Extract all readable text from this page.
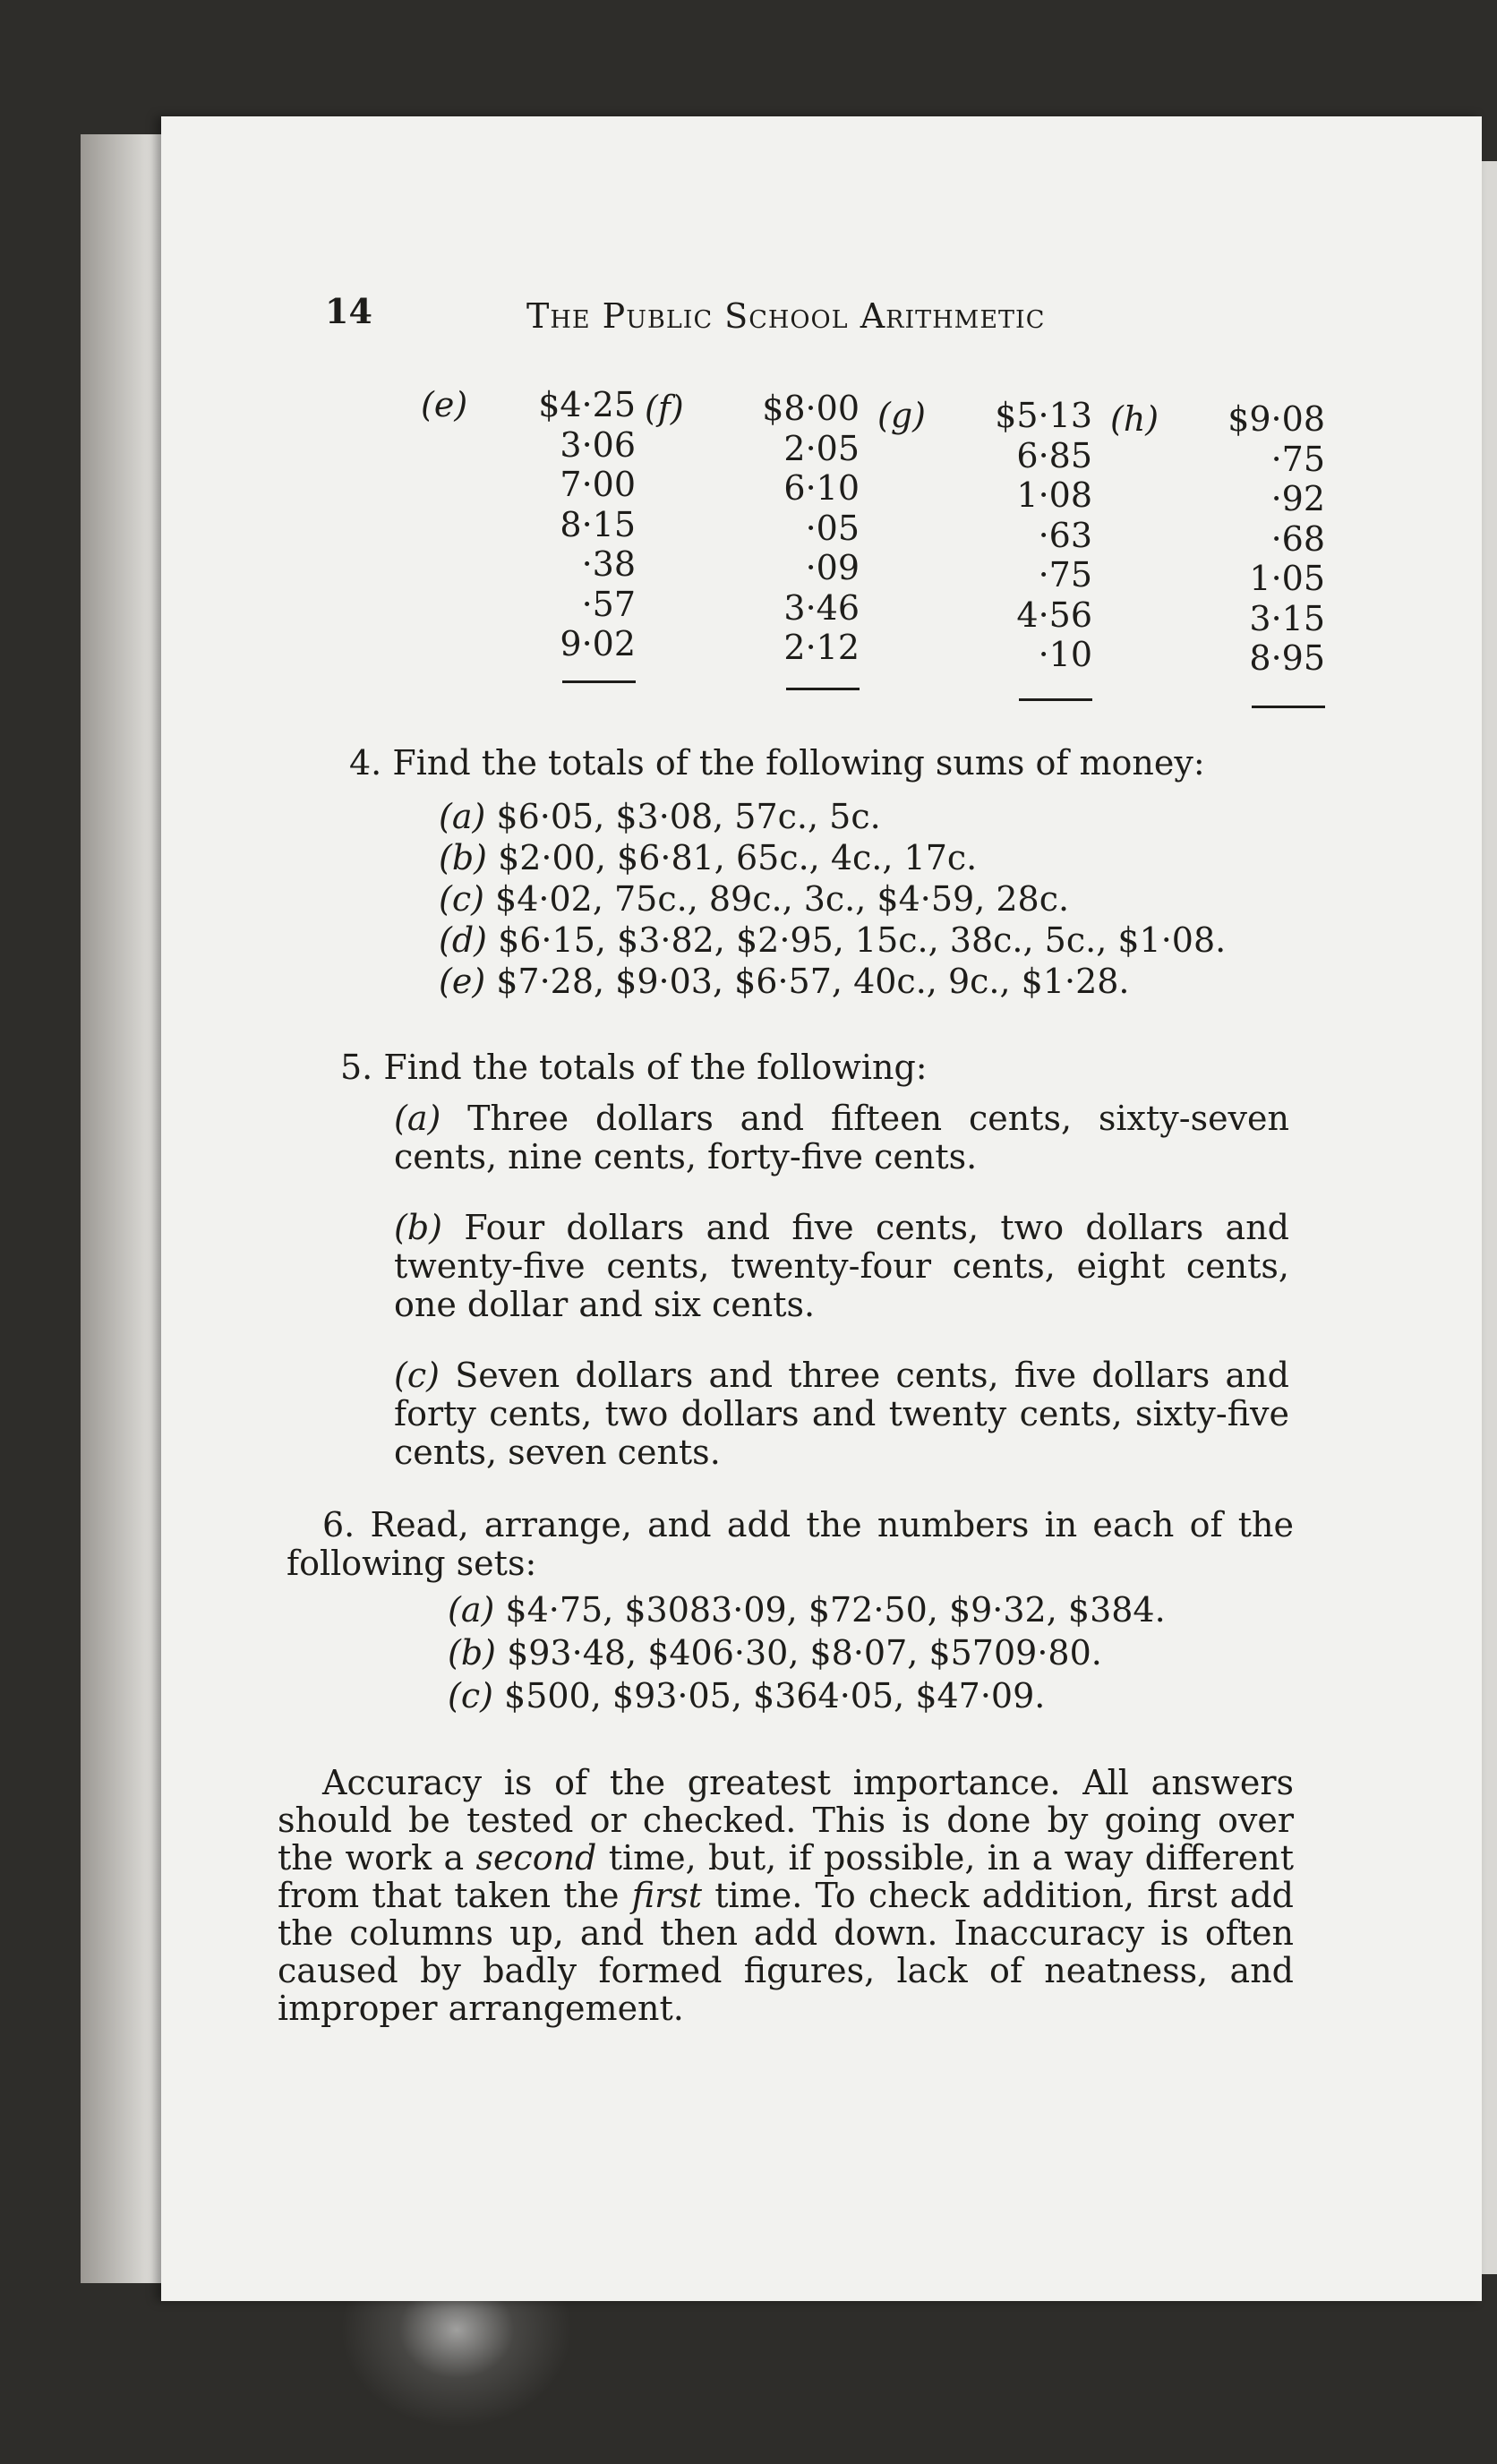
14	The Public School Arithmetic
(e) $4·25
3·06
7·00
8·15
·38
·57
9·02
(f) $8·00
2·05
6·10
·05
·09
3·46
2·12
(g) $5·13
6·85
1·08
·63
·75
4·56
·10
(h) $9·08
·75
·92
·68
1·05
3·15
8·95
4. Find the totals of the following sums of money:
(a) $6·05, $3·08, 57c., 5c.
(b) $2·00, $6·81, 65c., 4c., 17c.
(c) $4·02, 75c., 89c., 3c., $4·59, 28c.
(d) $6·15, $3·82, $2·95, 15c., 38c., 5c., $1·08.
(e) $7·28, $9·03, $6·57, 40c., 9c., $1·28.
5. Find the totals of the following:
(a) Three dollars and fifteen cents, sixty-seven cents, nine cents, forty-five cents.
(b) Four dollars and five cents, two dollars and twenty-five cents, twenty-four cents, eight cents, one dollar and six cents.
(c) Seven dollars and three cents, five dollars and forty cents, two dollars and twenty cents, sixty-five cents, seven cents.
6. Read, arrange, and add the numbers in each of the following sets:
(a) $4·75, $3083·09, $72·50, $9·32, $384.
(b) $93·48, $406·30, $8·07, $5709·80.
(c) $500, $93·05, $364·05, $47·09.
Accuracy is of the greatest importance. All answers should be tested or checked. This is done by going over the work a second time, but, if possible, in a way different from that taken the first time. To check addition, first add the columns up, and then add down. Inaccuracy is often caused by badly formed figures, lack of neatness, and improper arrangement.
